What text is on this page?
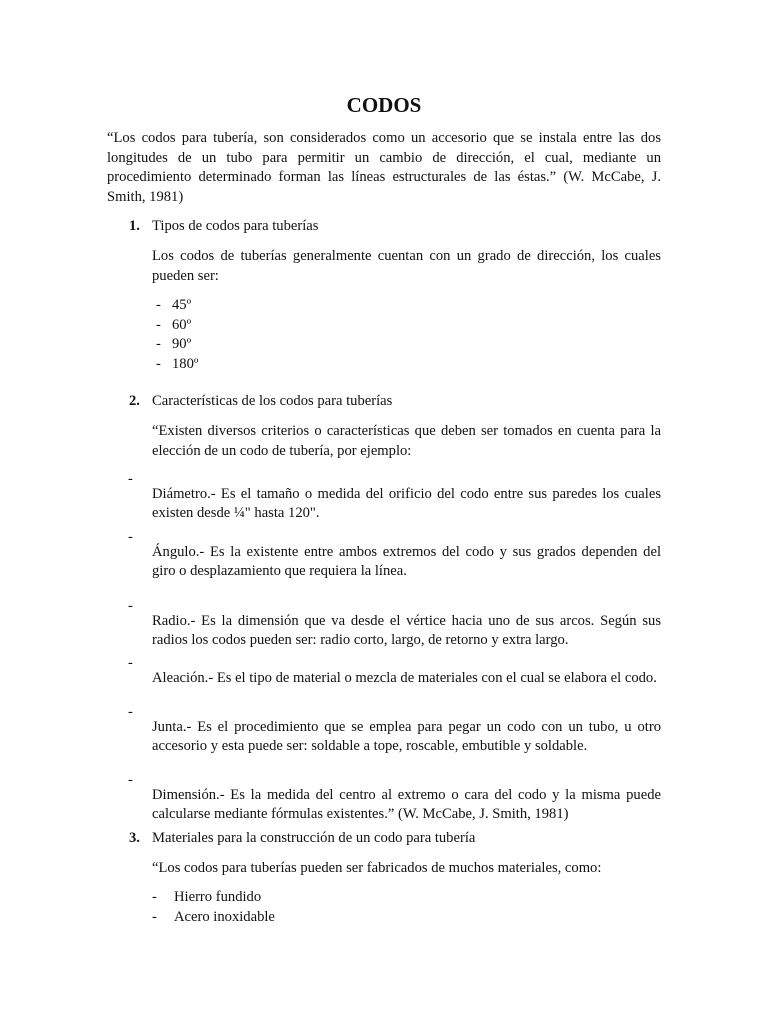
CODOS

“Los codos para tubería, son considerados como un accesorio que se instala entre las dos longitudes de un tubo para permitir un cambio de dirección, el cual, mediante un procedimiento determinado forman las líneas estructurales de las éstas.” (W. McCabe, J. Smith, 1981)

1. Tipos de codos para tuberías

Los codos de tuberías generalmente cuentan con un grado de dirección, los cuales pueden ser:

- 45º
- 60º
- 90º
- 180º

2. Características de los codos para tuberías

“Existen diversos criterios o características que deben ser tomados en cuenta para la elección de un codo de tubería, por ejemplo:

-

Diámetro.- Es el tamaño o medida del orificio del codo entre sus paredes los cuales existen desde ¼" hasta 120".

-

Ángulo.- Es la existente entre ambos extremos del codo y sus grados dependen del giro o desplazamiento que requiera la línea.

-

Radio.- Es la dimensión que va desde el vértice hacia uno de sus arcos. Según sus radios los codos pueden ser: radio corto, largo, de retorno y extra largo.

-

Aleación.- Es el tipo de material o mezcla de materiales con el cual se elabora el codo.

-

Junta.- Es el procedimiento que se emplea para pegar un codo con un tubo, u otro accesorio y esta puede ser: soldable a tope, roscable, embutible y soldable.

-

Dimensión.- Es la medida del centro al extremo o cara del codo y la misma puede calcularse mediante fórmulas existentes.” (W. McCabe, J. Smith, 1981)

3. Materiales para la construcción de un codo para tubería

“Los codos para tuberías pueden ser fabricados de muchos materiales, como:

- Hierro fundido
- Acero inoxidable
